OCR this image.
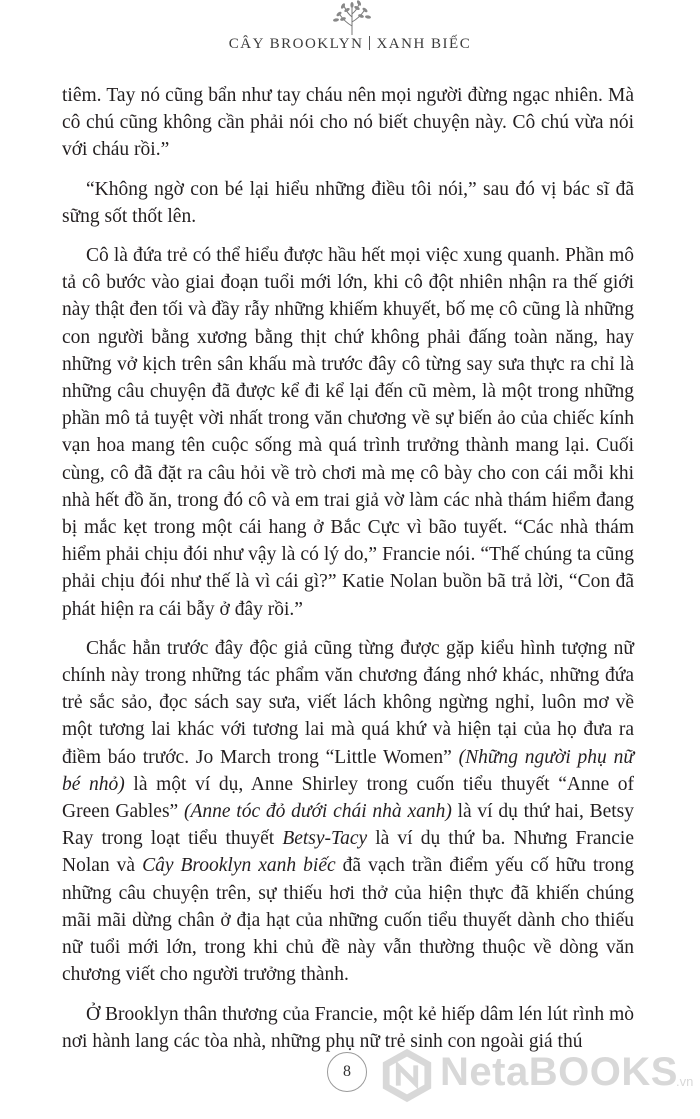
CÂY BROOKLYN XANH BIẾC

tiêm. Tay nó cũng bẩn như tay cháu nên mọi người đừng ngạc nhiên. Mà cô chú cũng không cần phải nói cho nó biết chuyện này. Cô chú vừa nói với cháu rồi.”

“Không ngờ con bé lại hiểu những điều tôi nói,” sau đó vị bác sĩ đã sững sốt thốt lên.

Cô là đứa trẻ có thể hiểu được hầu hết mọi việc xung quanh. Phần mô tả cô bước vào giai đoạn tuổi mới lớn, khi cô đột nhiên nhận ra thế giới này thật đen tối và đầy rẫy những khiếm khuyết, bố mẹ cô cũng là những con người bằng xương bằng thịt chứ không phải đấng toàn năng, hay những vở kịch trên sân khấu mà trước đây cô từng say sưa thực ra chỉ là những câu chuyện đã được kể đi kể lại đến cũ mèm, là một trong những phần mô tả tuyệt vời nhất trong văn chương về sự biến ảo của chiếc kính vạn hoa mang tên cuộc sống mà quá trình trưởng thành mang lại. Cuối cùng, cô đã đặt ra câu hỏi về trò chơi mà mẹ cô bày cho con cái mỗi khi nhà hết đồ ăn, trong đó cô và em trai giả vờ làm các nhà thám hiểm đang bị mắc kẹt trong một cái hang ở Bắc Cực vì bão tuyết. “Các nhà thám hiểm phải chịu đói như vậy là có lý do,” Francie nói. “Thế chúng ta cũng phải chịu đói như thế là vì cái gì?” Katie Nolan buồn bã trả lời, “Con đã phát hiện ra cái bẫy ở đây rồi.”

Chắc hẳn trước đây độc giả cũng từng được gặp kiểu hình tượng nữ chính này trong những tác phẩm văn chương đáng nhớ khác, những đứa trẻ sắc sảo, đọc sách say sưa, viết lách không ngừng nghỉ, luôn mơ về một tương lai khác với tương lai mà quá khứ và hiện tại của họ đưa ra điềm báo trước. Jo March trong “Little Women” (Những người phụ nữ bé nhỏ) là một ví dụ, Anne Shirley trong cuốn tiểu thuyết “Anne of Green Gables” (Anne tóc đỏ dưới chái nhà xanh) là ví dụ thứ hai, Betsy Ray trong loạt tiểu thuyết Betsy-Tacy là ví dụ thứ ba. Nhưng Francie Nolan và Cây Brooklyn xanh biếc đã vạch trần điểm yếu cố hữu trong những câu chuyện trên, sự thiếu hơi thở của hiện thực đã khiến chúng mãi mãi dừng chân ở địa hạt của những cuốn tiểu thuyết dành cho thiếu nữ tuổi mới lớn, trong khi chủ đề này vẫn thường thuộc về dòng văn chương viết cho người trưởng thành.

Ở Brooklyn thân thương của Francie, một kẻ hiếp dâm lén lút rình mò nơi hành lang các tòa nhà, những phụ nữ trẻ sinh con ngoài giá thú

8	NetaBOOKS
.vn
